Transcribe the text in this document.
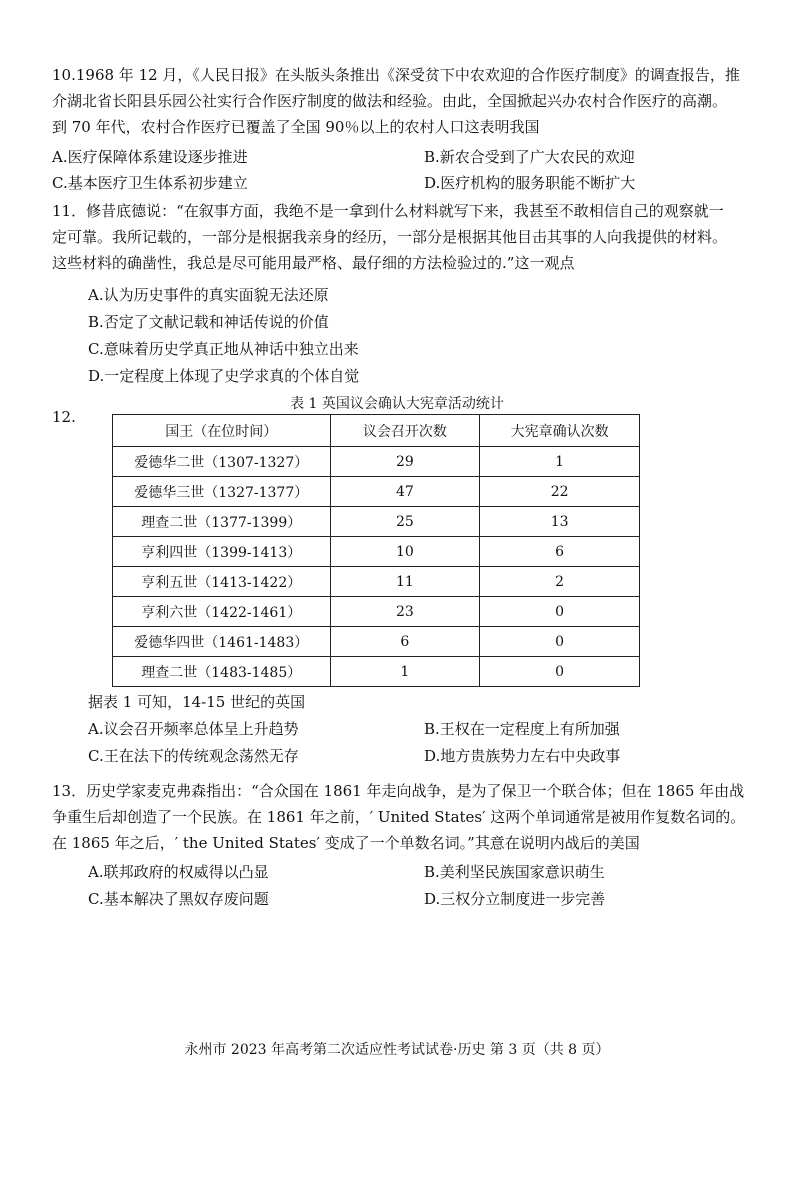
10.1968 年 12 月，《人民日报》在头版头条推出《深受贫下中农欢迎的合作医疗制度》的调查报告，推
介湖北省长阳县乐园公社实行合作医疗制度的做法和经验。由此，全国掀起兴办农村合作医疗的高潮。
到 70 年代，农村合作医疗已覆盖了全国 90％以上的农村人口这表明我国
A.医疗保障体系建设逐步推进	B.新农合受到了广大农民的欢迎
C.基本医疗卫生体系初步建立	D.医疗机构的服务职能不断扩大
11．修昔底德说：“在叙事方面，我绝不是一拿到什么材料就写下来，我甚至不敢相信自己的观察就一
定可靠。我所记载的，一部分是根据我亲身的经历，一部分是根据其他目击其事的人向我提供的材料。
这些材料的确凿性，我总是尽可能用最严格、最仔细的方法检验过的.”这一观点
A.认为历史事件的真实面貌无法还原
B.否定了文献记载和神话传说的价值
C.意味着历史学真正地从神话中独立出来
D.一定程度上体现了史学求真的个体自觉
表 1 英国议会确认大宪章活动统计
12.
国王（在位时间）	议会召开次数	大宪章确认次数
爱德华二世（1307-1327）	29	1
爱德华三世（1327-1377）	47	22
理查二世（1377-1399）	25	13
亨利四世（1399-1413）	10	6
亨利五世（1413-1422）	11	2
亨利六世（1422-1461）	23	0
爱德华四世（1461-1483）	6	0
理查二世（1483-1485）	1	0
据表 1 可知，14-15 世纪的英国
A.议会召开频率总体呈上升趋势	B.王权在一定程度上有所加强
C.王在法下的传统观念荡然无存	D.地方贵族势力左右中央政事
13．历史学家麦克弗森指出：“合众国在 1861 年走向战争，是为了保卫一个联合体；但在 1865 年由战
争重生后却创造了一个民族。在 1861 年之前，′ United States′ 这两个单词通常是被用作复数名词的。
在 1865 年之后，′ the United States′ 变成了一个单数名词。”其意在说明内战后的美国
A.联邦政府的权威得以凸显	B.美利坚民族国家意识萌生
C.基本解决了黑奴存废问题	D.三权分立制度进一步完善
永州市 2023 年高考第二次适应性考试试卷·历史 第 3 页（共 8 页）
